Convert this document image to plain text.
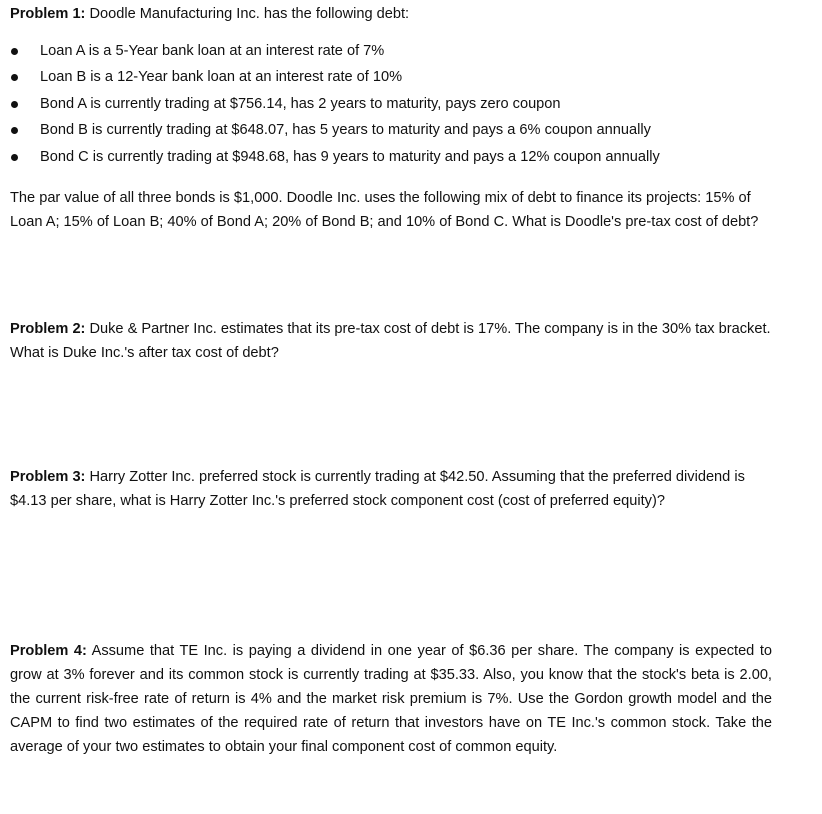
Problem 1: Doodle Manufacturing Inc. has the following debt:

Loan A is a 5-Year bank loan at an interest rate of 7%
Loan B is a 12-Year bank loan at an interest rate of 10%
Bond A is currently trading at $756.14, has 2 years to maturity, pays zero coupon
Bond B is currently trading at $648.07, has 5 years to maturity and pays a 6% coupon annually
Bond C is currently trading at $948.68, has 9 years to maturity and pays a 12% coupon annually

The par value of all three bonds is $1,000. Doodle Inc. uses the following mix of debt to finance its projects: 15% of Loan A; 15% of Loan B; 40% of Bond A; 20% of Bond B; and 10% of Bond C. What is Doodle's pre-tax cost of debt?

Problem 2: Duke & Partner Inc. estimates that its pre-tax cost of debt is 17%. The company is in the 30% tax bracket. What is Duke Inc.'s after tax cost of debt?

Problem 3: Harry Zotter Inc. preferred stock is currently trading at $42.50. Assuming that the preferred dividend is $4.13 per share, what is Harry Zotter Inc.'s preferred stock component cost (cost of preferred equity)?

Problem 4: Assume that TE Inc. is paying a dividend in one year of $6.36 per share. The company is expected to grow at 3% forever and its common stock is currently trading at $35.33. Also, you know that the stock's beta is 2.00, the current risk-free rate of return is 4% and the market risk premium is 7%. Use the Gordon growth model and the CAPM to find two estimates of the required rate of return that investors have on TE Inc.'s common stock. Take the average of your two estimates to obtain your final component cost of common equity.
